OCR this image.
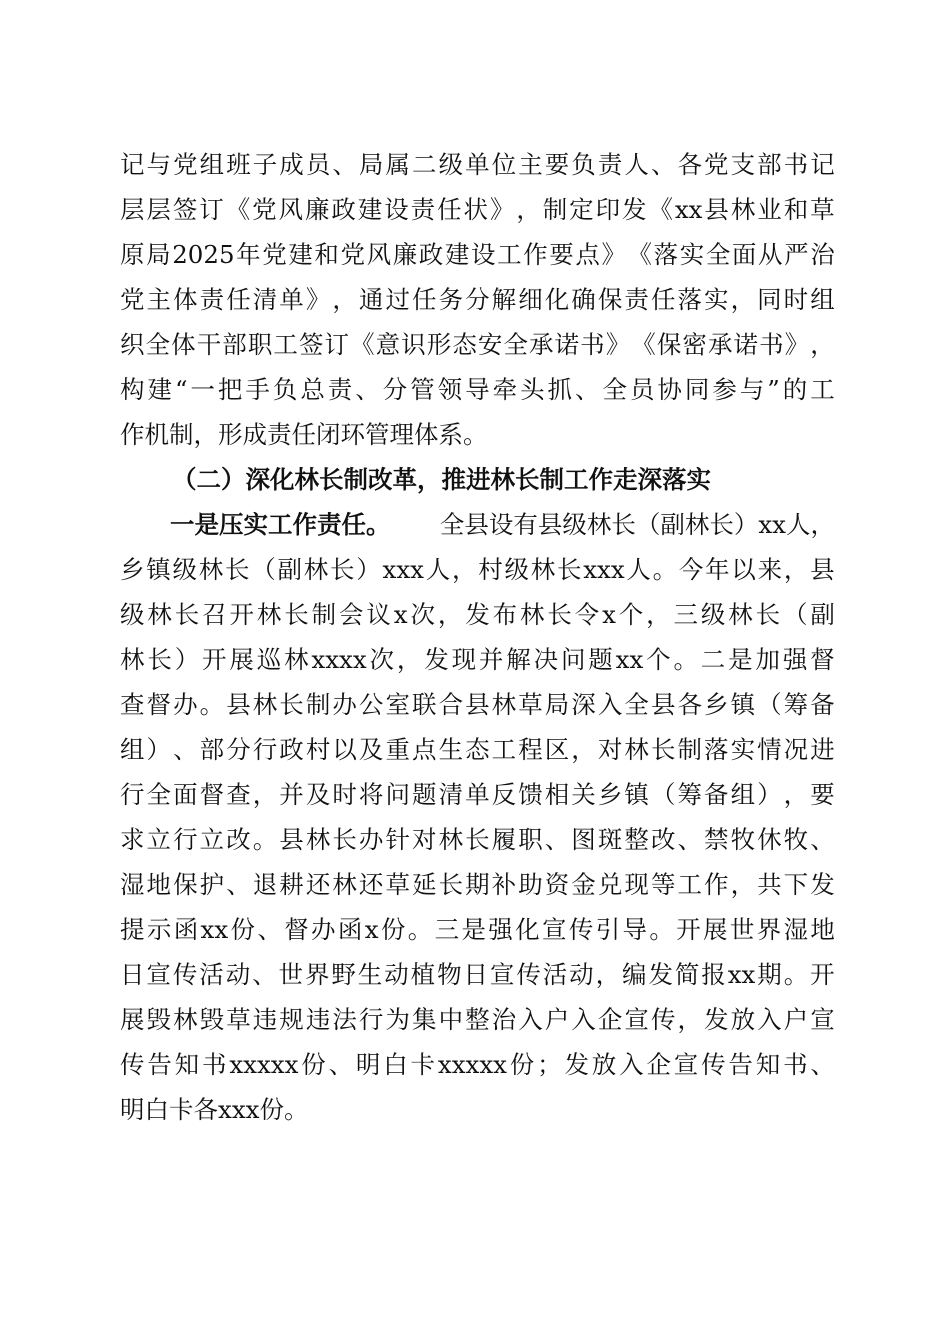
记 与 党 组 班 子 成 员 、 局 属 二 级 单 位 主 要 负 责 人 、 各 党 支 部 书 记
层 层 签 订 《 党 风 廉 政 建 设 责 任 状 》 ， 制 定 印 发 《 xx 县 林 业 和 草
原 局 2025 年 党 建 和 党 风 廉 政 建 设 工 作 要 点 》 《 落 实 全 面 从 严 治
党 主 体 责 任 清 单 》 ， 通 过 任 务 分 解 细 化 确 保 责 任 落 实 ， 同 时 组
织 全 体 干 部 职 工 签 订 《 意 识 形 态 安 全 承 诺 书 》 《 保 密 承 诺 书 》 ，
构 建 “ 一 把 手 负 总 责 、 分 管 领 导 牵 头 抓 、 全 员 协 同 参 与 ” 的 工
作机制，形成责任闭环管理体系。
（二）深化林长制改革，推进林长制工作走深落实
一是压实工作责任。 全县设有县级林长（副林长）xx人，
乡 镇 级 林 长 （ 副 林 长 ） xxx 人 ， 村 级 林 长 xxx 人 。 今 年 以 来 ， 县
级 林 长 召 开 林 长 制 会 议 x 次 ， 发 布 林 长 令 x 个 ， 三 级 林 长 （ 副
林 长 ） 开 展 巡 林 xxxx 次 ， 发 现 并 解 决 问 题 xx 个 。 二 是 加 强 督
查 督 办 。 县 林 长 制 办 公 室 联 合 县 林 草 局 深 入 全 县 各 乡 镇 （ 筹 备
组 ） 、 部 分 行 政 村 以 及 重 点 生 态 工 程 区 ， 对 林 长 制 落 实 情 况 进
行 全 面 督 查 ， 并 及 时 将 问 题 清 单 反 馈 相 关 乡 镇 （ 筹 备 组 ） ， 要
求 立 行 立 改 。 县 林 长 办 针 对 林 长 履 职 、 图 斑 整 改 、 禁 牧 休 牧 、
湿 地 保 护 、 退 耕 还 林 还 草 延 长 期 补 助 资 金 兑 现 等 工 作 ， 共 下 发
提 示 函 xx 份 、 督 办 函 x 份 。 三 是 强 化 宣 传 引 导 。 开 展 世 界 湿 地
日 宣 传 活 动 、 世 界 野 生 动 植 物 日 宣 传 活 动 ， 编 发 简 报 xx 期 。 开
展 毁 林 毁 草 违 规 违 法 行 为 集 中 整 治 入 户 入 企 宣 传 ， 发 放 入 户 宣
传 告 知 书 xxxxx 份 、 明 白 卡 xxxxx 份 ； 发 放 入 企 宣 传 告 知 书 、
明白卡各xxx份。
